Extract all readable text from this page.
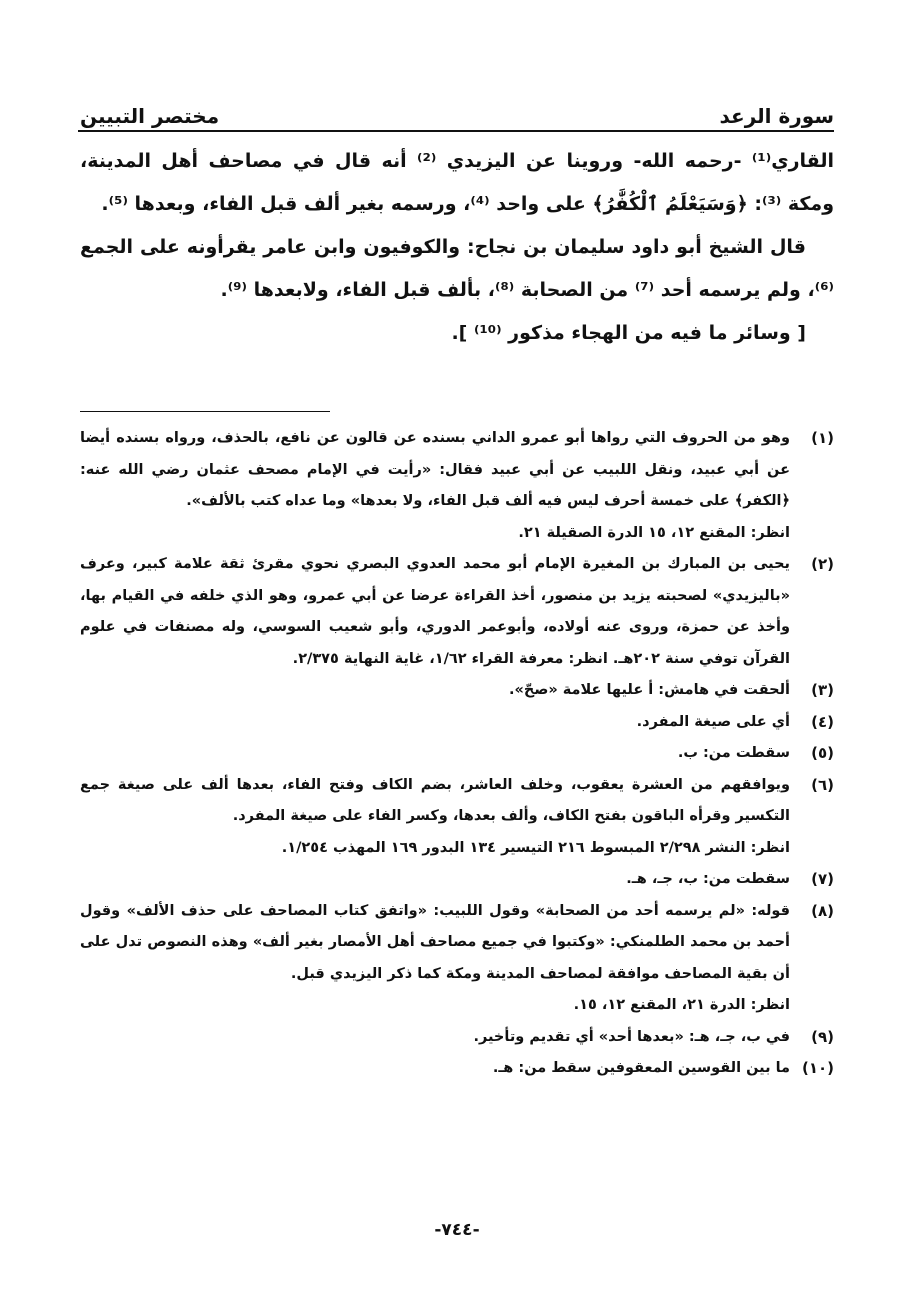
سورة الرعد
مختصر التبيين

القاري⁽¹⁾ -رحمه الله- وروينا عن اليزيدي ⁽²⁾ أنه قال في مصاحف أهل المدينة، ومكة ⁽³⁾: ﴿وَسَيَعْلَمُ ٱلْكُفَّٰرُ﴾ على واحد ⁽⁴⁾، ورسمه بغير ألف قبل الفاء، وبعدها ⁽⁵⁾.

قال الشيخ أبو داود سليمان بن نجاح: والكوفيون وابن عامر يقرأونه على الجمع ⁽⁶⁾، ولم يرسمه أحد ⁽⁷⁾ من الصحابة ⁽⁸⁾، بألف قبل الفاء، ولابعدها ⁽⁹⁾.

[ وسائر ما فيه من الهجاء مذكور ⁽¹⁰⁾ ].

(١)
وهو من الحروف التي رواها أبو عمرو الداني بسنده عن قالون عن نافع، بالحذف، ورواه بسنده أيضا عن أبي عبيد، ونقل اللبيب عن أبي عبيد فقال: «رأيت في الإمام مصحف عثمان رضي الله عنه: ﴿الكفر﴾ على خمسة أحرف ليس فيه ألف قبل الفاء، ولا بعدها» وما عداه كتب بالألف».
انظر: المقنع ١٢، ١٥ الدرة الصقيلة ٢١.
(٢)
يحيى بن المبارك بن المغيرة الإمام أبو محمد العدوي البصري نحوي مقرئ ثقة علامة كبير، وعرف «باليزيدي» لصحبته يزيد بن منصور، أخذ القراءة عرضا عن أبي عمرو، وهو الذي خلفه في القيام بها، وأخذ عن حمزة، وروى عنه أولاده، وأبوعمر الدوري، وأبو شعيب السوسي، وله مصنفات في علوم القرآن توفي سنة ٢٠٢هـ. انظر: معرفة القراء ١/٦٢، غاية النهاية ٢/٣٧٥.
(٣)
ألحقت في هامش: أ عليها علامة «صحّ».
(٤)
أي على صيغة المفرد.
(٥)
سقطت من: ب.
(٦)
ويوافقهم من العشرة يعقوب، وخلف العاشر، بضم الكاف وفتح الفاء، بعدها ألف على صيغة جمع التكسير وقرأه الباقون بفتح الكاف، وألف بعدها، وكسر الفاء على صيغة المفرد.
انظر: النشر ٢/٢٩٨ المبسوط ٢١٦ التيسير ١٣٤ البدور ١٦٩ المهذب ١/٢٥٤.
(٧)
سقطت من: ب، جـ، هـ.
(٨)
قوله: «لم يرسمه أحد من الصحابة» وقول اللبيب: «واتفق كتاب المصاحف على حذف الألف» وقول أحمد بن محمد الطلمنكي: «وكتبوا في جميع مصاحف أهل الأمصار بغير ألف» وهذه النصوص تدل على أن بقية المصاحف موافقة لمصاحف المدينة ومكة كما ذكر اليزيدي قبل.
انظر: الدرة ٢١، المقنع ١٢، ١٥.
(٩)
في ب، جـ، هـ: «بعدها أحد» أي تقديم وتأخير.
(١٠)
ما بين القوسين المعقوفين سقط من: هـ.
-٧٤٤-
